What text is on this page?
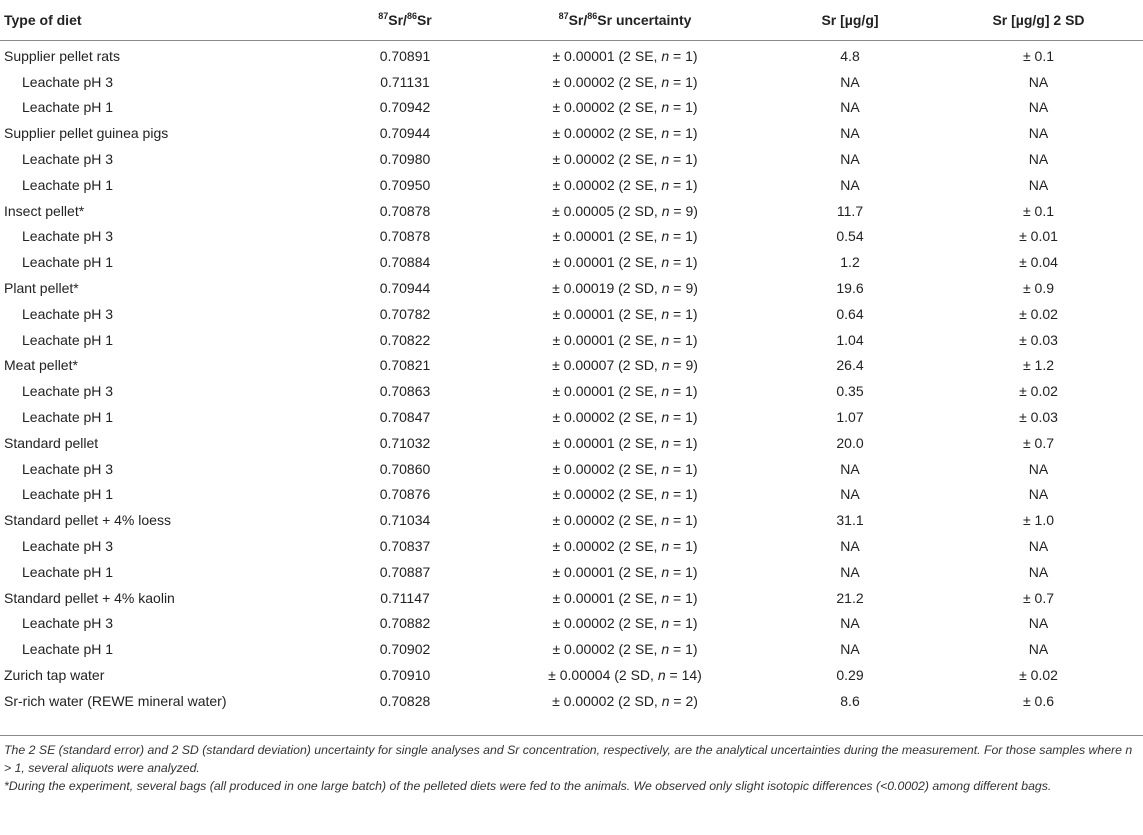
Type of diet	$^{87}$Sr/$^{86}$Sr	$^{87}$Sr/$^{86}$Sr uncertainty	Sr [µg/g]	Sr [µg/g] 2 SD
Supplier pellet rats	0.70891	± 0.00001 (2 SE, n = 1)	4.8	± 0.1
Leachate pH 3	0.71131	± 0.00002 (2 SE, n = 1)	NA	NA
Leachate pH 1	0.70942	± 0.00002 (2 SE, n = 1)	NA	NA
Supplier pellet guinea pigs	0.70944	± 0.00002 (2 SE, n = 1)	NA	NA
Leachate pH 3	0.70980	± 0.00002 (2 SE, n = 1)	NA	NA
Leachate pH 1	0.70950	± 0.00002 (2 SE, n = 1)	NA	NA
Insect pellet*	0.70878	± 0.00005 (2 SD, n = 9)	11.7	± 0.1
Leachate pH 3	0.70878	± 0.00001 (2 SE, n = 1)	0.54	± 0.01
Leachate pH 1	0.70884	± 0.00001 (2 SE, n = 1)	1.2	± 0.04
Plant pellet*	0.70944	± 0.00019 (2 SD, n = 9)	19.6	± 0.9
Leachate pH 3	0.70782	± 0.00001 (2 SE, n = 1)	0.64	± 0.02
Leachate pH 1	0.70822	± 0.00001 (2 SE, n = 1)	1.04	± 0.03
Meat pellet*	0.70821	± 0.00007 (2 SD, n = 9)	26.4	± 1.2
Leachate pH 3	0.70863	± 0.00001 (2 SE, n = 1)	0.35	± 0.02
Leachate pH 1	0.70847	± 0.00002 (2 SE, n = 1)	1.07	± 0.03
Standard pellet	0.71032	± 0.00001 (2 SE, n = 1)	20.0	± 0.7
Leachate pH 3	0.70860	± 0.00002 (2 SE, n = 1)	NA	NA
Leachate pH 1	0.70876	± 0.00002 (2 SE, n = 1)	NA	NA
Standard pellet + 4% loess	0.71034	± 0.00002 (2 SE, n = 1)	31.1	± 1.0
Leachate pH 3	0.70837	± 0.00002 (2 SE, n = 1)	NA	NA
Leachate pH 1	0.70887	± 0.00001 (2 SE, n = 1)	NA	NA
Standard pellet + 4% kaolin	0.71147	± 0.00001 (2 SE, n = 1)	21.2	± 0.7
Leachate pH 3	0.70882	± 0.00002 (2 SE, n = 1)	NA	NA
Leachate pH 1	0.70902	± 0.00002 (2 SE, n = 1)	NA	NA
Zurich tap water	0.70910	± 0.00004 (2 SD, n = 14)	0.29	± 0.02
Sr-rich water (REWE mineral water)	0.70828	± 0.00002 (2 SD, n = 2)	8.6	± 0.6

The 2 SE (standard error) and 2 SD (standard deviation) uncertainty for single analyses and Sr concentration, respectively, are the analytical uncertainties during the measurement. For those samples where n > 1, several aliquots were analyzed.

*During the experiment, several bags (all produced in one large batch) of the pelleted diets were fed to the animals. We observed only slight isotopic differences (<0.0002) among different bags.
